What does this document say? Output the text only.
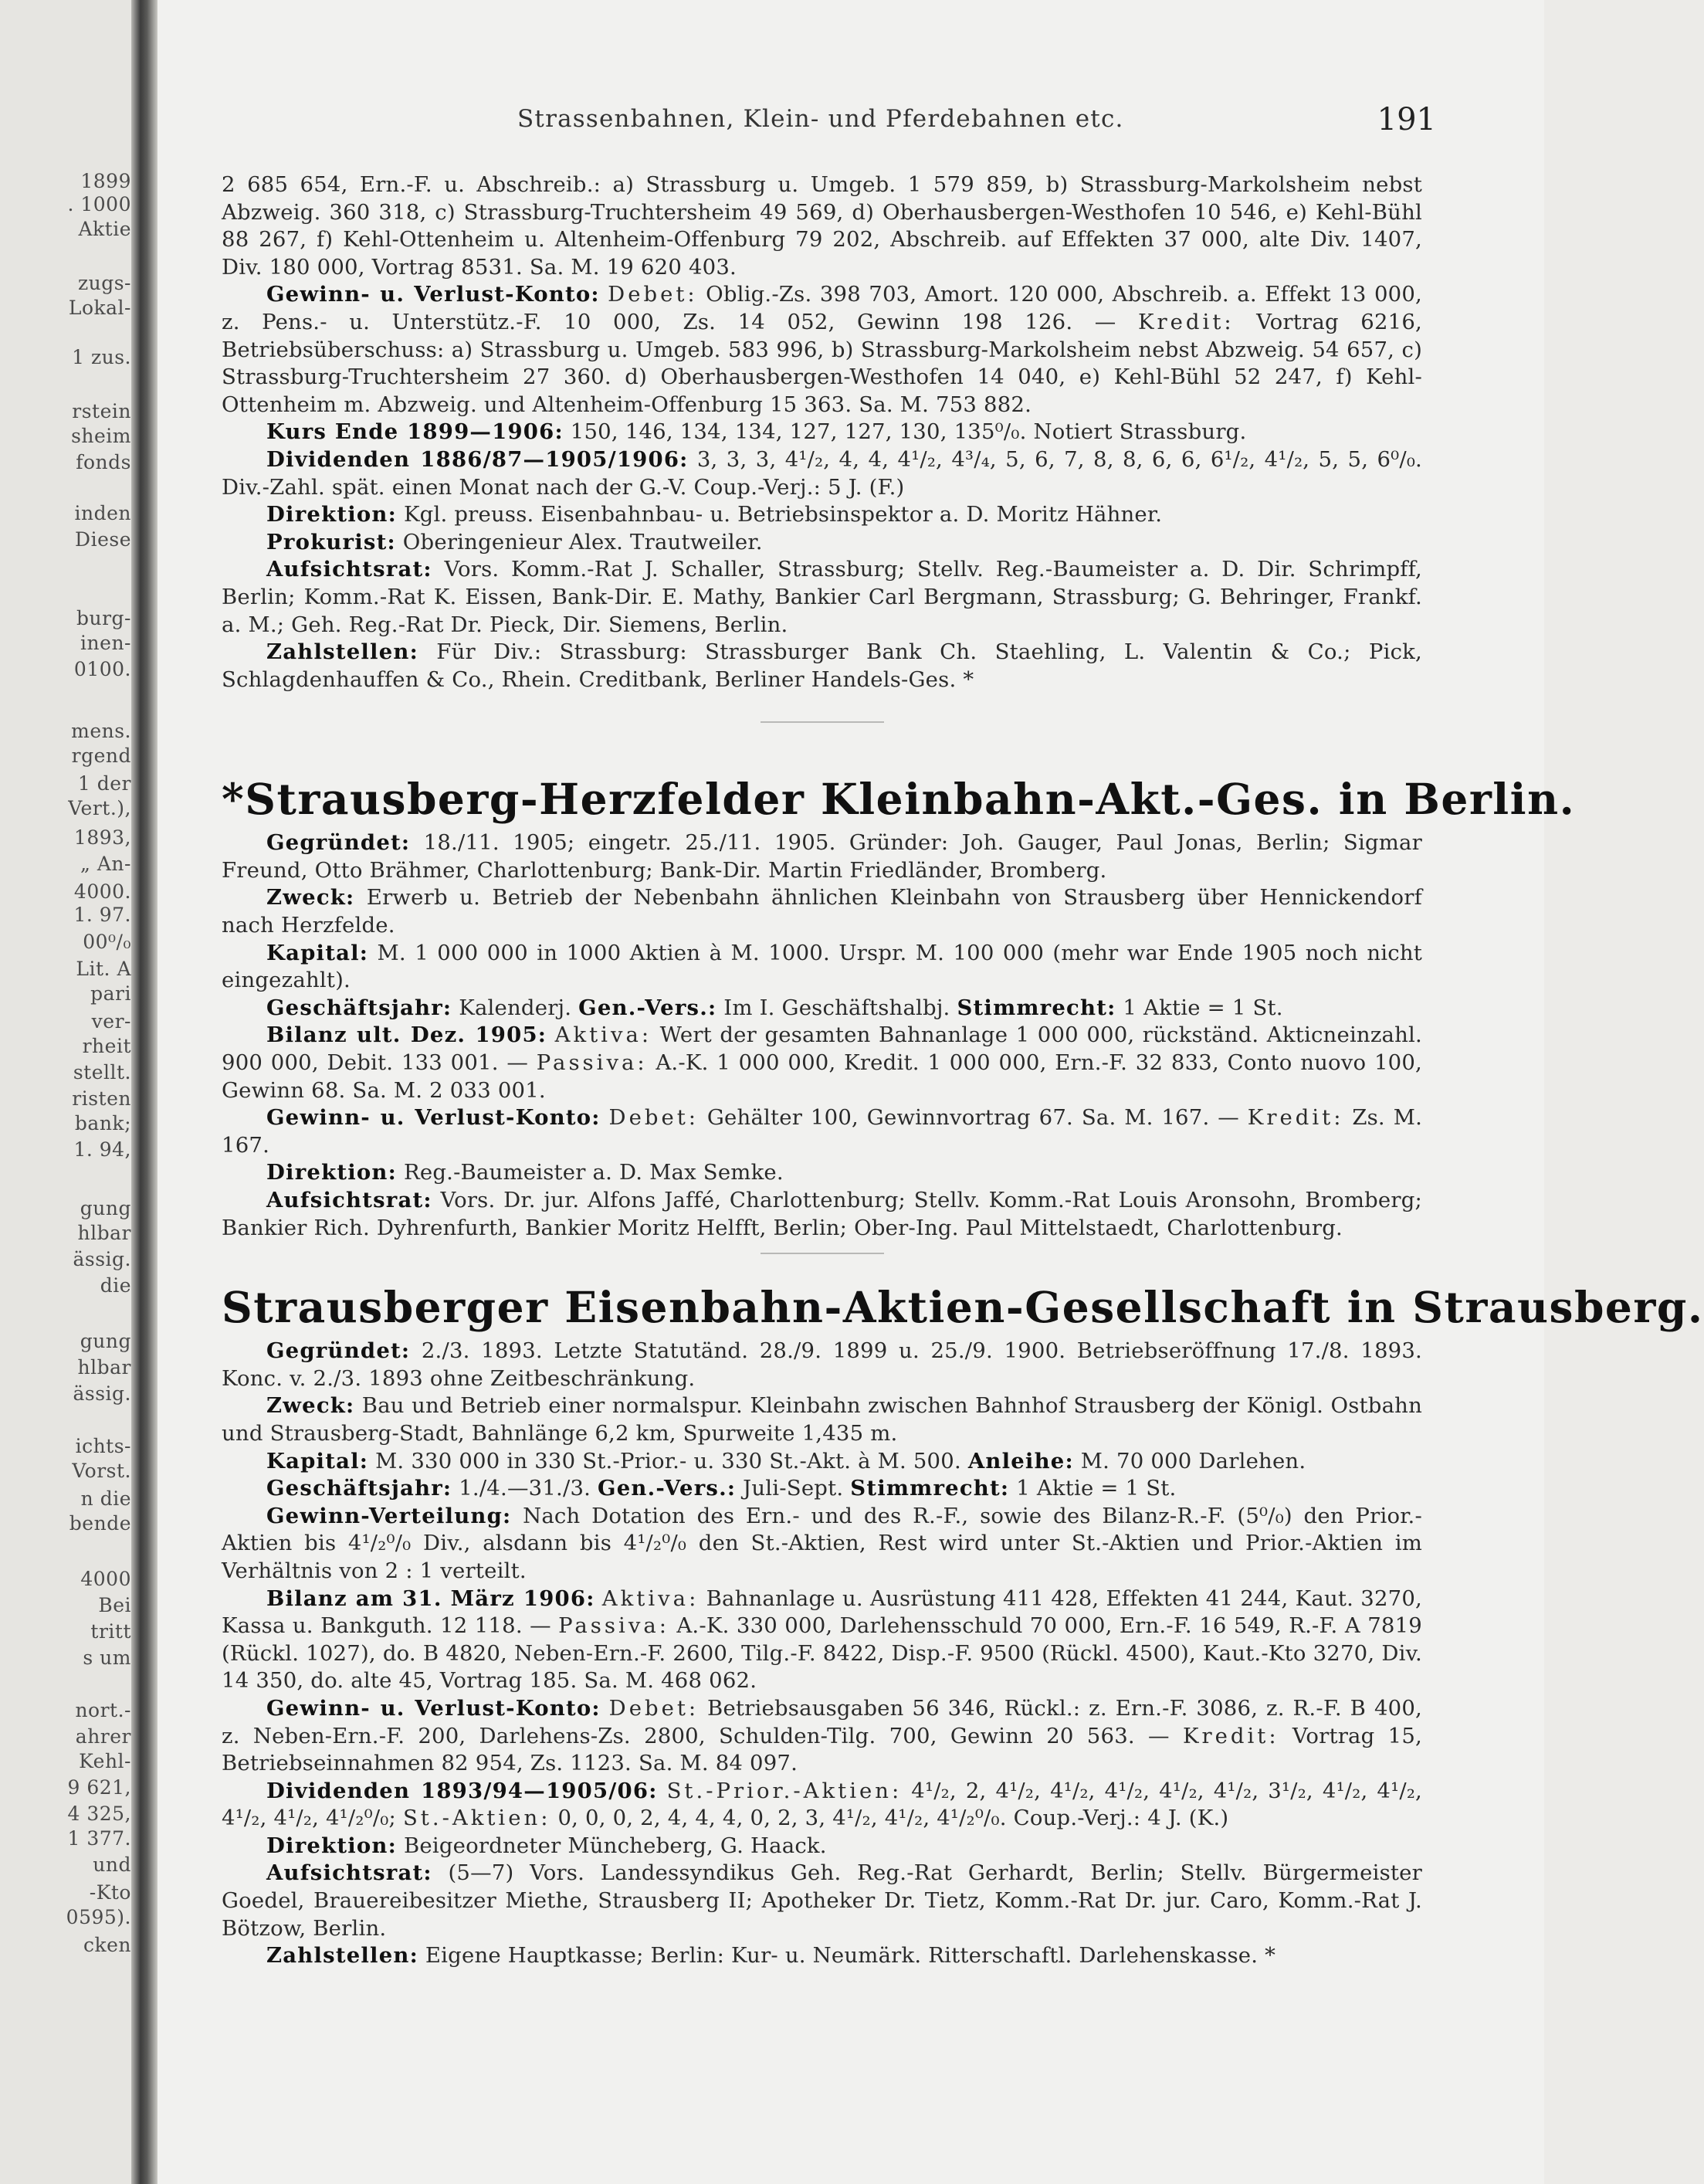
1899
. 1000
Aktie
zugs-
Lokal-
1 zus.
rstein
sheim
fonds
inden
Diese
burg-
inen-
0100.
mens.
rgend
1 der
Vert.),
1893,
„ An-
4000.
1. 97.
00⁰/₀
Lit. A
pari
ver-
rheit
stellt.
risten
bank;
1. 94,
gung
hlbar
ässig.
die
gung
hlbar
ässig.
ichts-
Vorst.
n die
bende
4000
Bei
tritt
s um
nort.-
ahrer
Kehl-
9 621,
4 325,
1 377.
und
-Kto
0595).
cken
Strassenbahnen, Klein- und Pferdebahnen etc.	191

2 685 654, Ern.-F. u. Abschreib.: a) Strassburg u. Umgeb. 1 579 859, b) Strassburg-Markolsheim nebst Abzweig. 360 318, c) Strassburg-Truchtersheim 49 569, d) Oberhausbergen-Westhofen 10 546, e) Kehl-Bühl 88 267, f) Kehl-Ottenheim u. Altenheim-Offenburg 79 202, Abschreib. auf Effekten 37 000, alte Div. 1407, Div. 180 000, Vortrag 8531. Sa. M. 19 620 403.

Gewinn- u. Verlust-Konto: Debet: Oblig.-Zs. 398 703, Amort. 120 000, Abschreib. a. Effekt 13 000, z. Pens.- u. Unterstütz.-F. 10 000, Zs. 14 052, Gewinn 198 126. — Kredit: Vortrag 6216, Betriebsüberschuss: a) Strassburg u. Umgeb. 583 996, b) Strassburg-Markolsheim nebst Abzweig. 54 657, c) Strassburg-Truchtersheim 27 360. d) Oberhausbergen-Westhofen 14 040, e) Kehl-Bühl 52 247, f) Kehl-Ottenheim m. Abzweig. und Altenheim-Offenburg 15 363. Sa. M. 753 882.

Kurs Ende 1899—1906: 150, 146, 134, 134, 127, 127, 130, 135⁰/₀. Notiert Strassburg.

Dividenden 1886/87—1905/1906: 3, 3, 3, 4¹/₂, 4, 4, 4¹/₂, 4³/₄, 5, 6, 7, 8, 8, 6, 6, 6¹/₂, 4¹/₂, 5, 5, 6⁰/₀. Div.-Zahl. spät. einen Monat nach der G.-V. Coup.-Verj.: 5 J. (F.)

Direktion: Kgl. preuss. Eisenbahnbau- u. Betriebsinspektor a. D. Moritz Hähner.

Prokurist: Oberingenieur Alex. Trautweiler.

Aufsichtsrat: Vors. Komm.-Rat J. Schaller, Strassburg; Stellv. Reg.-Baumeister a. D. Dir. Schrimpff, Berlin; Komm.-Rat K. Eissen, Bank-Dir. E. Mathy, Bankier Carl Bergmann, Strassburg; G. Behringer, Frankf. a. M.; Geh. Reg.-Rat Dr. Pieck, Dir. Siemens, Berlin.

Zahlstellen: Für Div.: Strassburg: Strassburger Bank Ch. Staehling, L. Valentin & Co.; Pick, Schlagdenhauffen & Co., Rhein. Creditbank, Berliner Handels-Ges. *

*Strausberg-Herzfelder Kleinbahn-Akt.-Ges. in Berlin.

Gegründet: 18./11. 1905; eingetr. 25./11. 1905. Gründer: Joh. Gauger, Paul Jonas, Berlin; Sigmar Freund, Otto Brähmer, Charlottenburg; Bank-Dir. Martin Friedländer, Bromberg.

Zweck: Erwerb u. Betrieb der Nebenbahn ähnlichen Kleinbahn von Strausberg über Hennickendorf nach Herzfelde.

Kapital: M. 1 000 000 in 1000 Aktien à M. 1000. Urspr. M. 100 000 (mehr war Ende 1905 noch nicht eingezahlt).

Geschäftsjahr: Kalenderj. Gen.-Vers.: Im I. Geschäftshalbj. Stimmrecht: 1 Aktie = 1 St.

Bilanz ult. Dez. 1905: Aktiva: Wert der gesamten Bahnanlage 1 000 000, rückständ. Akticneinzahl. 900 000, Debit. 133 001. — Passiva: A.-K. 1 000 000, Kredit. 1 000 000, Ern.-F. 32 833, Conto nuovo 100, Gewinn 68. Sa. M. 2 033 001.

Gewinn- u. Verlust-Konto: Debet: Gehälter 100, Gewinnvortrag 67. Sa. M. 167. — Kredit: Zs. M. 167.

Direktion: Reg.-Baumeister a. D. Max Semke.

Aufsichtsrat: Vors. Dr. jur. Alfons Jaffé, Charlottenburg; Stellv. Komm.-Rat Louis Aronsohn, Bromberg; Bankier Rich. Dyhrenfurth, Bankier Moritz Helfft, Berlin; Ober-Ing. Paul Mittelstaedt, Charlottenburg.

Strausberger Eisenbahn-Aktien-Gesellschaft in Strausberg.

Gegründet: 2./3. 1893. Letzte Statutänd. 28./9. 1899 u. 25./9. 1900. Betriebseröffnung 17./8. 1893. Konc. v. 2./3. 1893 ohne Zeitbeschränkung.

Zweck: Bau und Betrieb einer normalspur. Kleinbahn zwischen Bahnhof Strausberg der Königl. Ostbahn und Strausberg-Stadt, Bahnlänge 6,2 km, Spurweite 1,435 m.

Kapital: M. 330 000 in 330 St.-Prior.- u. 330 St.-Akt. à M. 500. Anleihe: M. 70 000 Darlehen.

Geschäftsjahr: 1./4.—31./3. Gen.-Vers.: Juli-Sept. Stimmrecht: 1 Aktie = 1 St.

Gewinn-Verteilung: Nach Dotation des Ern.- und des R.-F., sowie des Bilanz-R.-F. (5⁰/₀) den Prior.-Aktien bis 4¹/₂⁰/₀ Div., alsdann bis 4¹/₂⁰/₀ den St.-Aktien, Rest wird unter St.-Aktien und Prior.-Aktien im Verhältnis von 2 : 1 verteilt.

Bilanz am 31. März 1906: Aktiva: Bahnanlage u. Ausrüstung 411 428, Effekten 41 244, Kaut. 3270, Kassa u. Bankguth. 12 118. — Passiva: A.-K. 330 000, Darlehensschuld 70 000, Ern.-F. 16 549, R.-F. A 7819 (Rückl. 1027), do. B 4820, Neben-Ern.-F. 2600, Tilg.-F. 8422, Disp.-F. 9500 (Rückl. 4500), Kaut.-Kto 3270, Div. 14 350, do. alte 45, Vortrag 185. Sa. M. 468 062.

Gewinn- u. Verlust-Konto: Debet: Betriebsausgaben 56 346, Rückl.: z. Ern.-F. 3086, z. R.-F. B 400, z. Neben-Ern.-F. 200, Darlehens-Zs. 2800, Schulden-Tilg. 700, Gewinn 20 563. — Kredit: Vortrag 15, Betriebseinnahmen 82 954, Zs. 1123. Sa. M. 84 097.

Dividenden 1893/94—1905/06: St.-Prior.-Aktien: 4¹/₂, 2, 4¹/₂, 4¹/₂, 4¹/₂, 4¹/₂, 4¹/₂, 3¹/₂, 4¹/₂, 4¹/₂, 4¹/₂, 4¹/₂, 4¹/₂⁰/₀; St.-Aktien: 0, 0, 0, 2, 4, 4, 4, 0, 2, 3, 4¹/₂, 4¹/₂, 4¹/₂⁰/₀. Coup.-Verj.: 4 J. (K.)

Direktion: Beigeordneter Müncheberg, G. Haack.

Aufsichtsrat: (5—7) Vors. Landessyndikus Geh. Reg.-Rat Gerhardt, Berlin; Stellv. Bürgermeister Goedel, Brauereibesitzer Miethe, Strausberg II; Apotheker Dr. Tietz, Komm.-Rat Dr. jur. Caro, Komm.-Rat J. Bötzow, Berlin.

Zahlstellen: Eigene Hauptkasse; Berlin: Kur- u. Neumärk. Ritterschaftl. Darlehenskasse. *
